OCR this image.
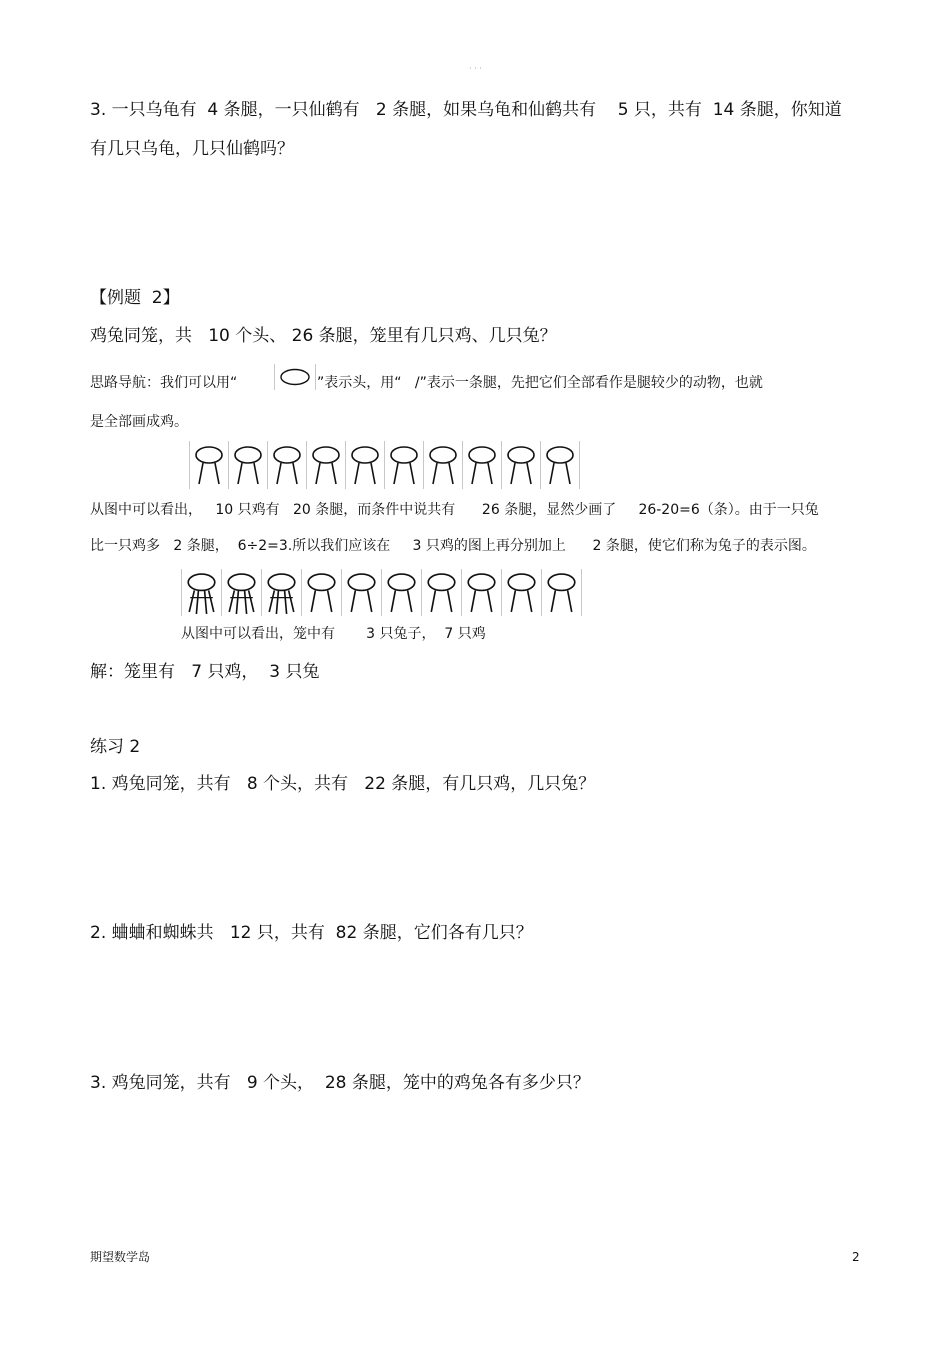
· · ·
3. 一只乌龟有  4 条腿，一只仙鹤有   2 条腿，如果乌龟和仙鹤共有    5 只，共有  14 条腿，你知道
有几只乌龟，几只仙鹤吗？
【例题  2】
鸡兔同笼，共   10 个头、 26 条腿，笼里有几只鸡、几只兔？
思路导航：我们可以用“	”表示头，用“   /”表示一条腿，先把它们全部看作是腿较少的动物，也就
是全部画成鸡。
从图中可以看出，   10 只鸡有   20 条腿，而条件中说共有      26 条腿，显然少画了     26-20=6（条）。由于一只兔
比一只鸡多   2 条腿，  6÷2=3.所以我们应该在     3 只鸡的图上再分别加上      2 条腿，使它们称为兔子的表示图。
从图中可以看出，笼中有       3 只兔子，  7 只鸡
解：笼里有   7 只鸡，  3 只兔
练习 2
1. 鸡兔同笼，共有   8 个头，共有   22 条腿，有几只鸡，几只兔？
2. 蛐蛐和蜘蛛共   12 只，共有  82 条腿，它们各有几只？
3. 鸡兔同笼，共有   9 个头，  28 条腿，笼中的鸡兔各有多少只？
期望数学岛	2
